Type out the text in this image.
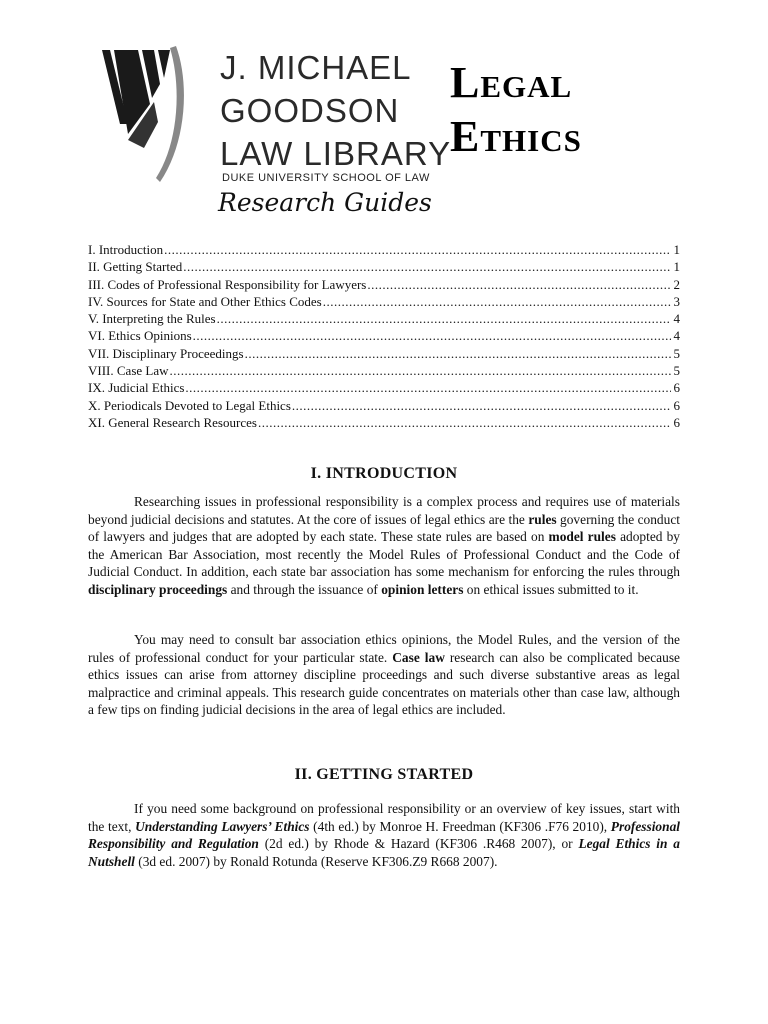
J. MICHAEL
GOODSON
LAW LIBRARY
DUKE UNIVERSITY SCHOOL OF LAW
Research Guides
Legal
Ethics
I. Introduction .....	1
II. Getting Started .....	1
III. Codes of Professional Responsibility for Lawyers .....	2
IV. Sources for State and Other Ethics Codes .....	3
V. Interpreting the Rules .....	4
VI. Ethics Opinions .....	4
VII. Disciplinary Proceedings .....	5
VIII. Case Law .....	5
IX. Judicial Ethics .....	6
X. Periodicals Devoted to Legal Ethics .....	6
XI. General Research Resources .....	6
I. INTRODUCTION

Researching issues in professional responsibility is a complex process and requires use of materials beyond judicial decisions and statutes. At the core of issues of legal ethics are the rules governing the conduct of lawyers and judges that are adopted by each state. These state rules are based on model rules adopted by the American Bar Association, most recently the Model Rules of Professional Conduct and the Code of Judicial Conduct. In addition, each state bar association has some mechanism for enforcing the rules through disciplinary proceedings and through the issuance of opinion letters on ethical issues submitted to it.

You may need to consult bar association ethics opinions, the Model Rules, and the version of the rules of professional conduct for your particular state. Case law research can also be complicated because ethics issues can arise from attorney discipline proceedings and such diverse substantive areas as legal malpractice and criminal appeals. This research guide concentrates on materials other than case law, although a few tips on finding judicial decisions in the area of legal ethics are included.

II. GETTING STARTED

If you need some background on professional responsibility or an overview of key issues, start with the text, Understanding Lawyers’ Ethics (4th ed.) by Monroe H. Freedman (KF306 .F76 2010), Professional Responsibility and Regulation (2d ed.) by Rhode & Hazard (KF306 .R468 2007), or Legal Ethics in a Nutshell (3d ed. 2007) by Ronald Rotunda (Reserve KF306.Z9 R668 2007).
